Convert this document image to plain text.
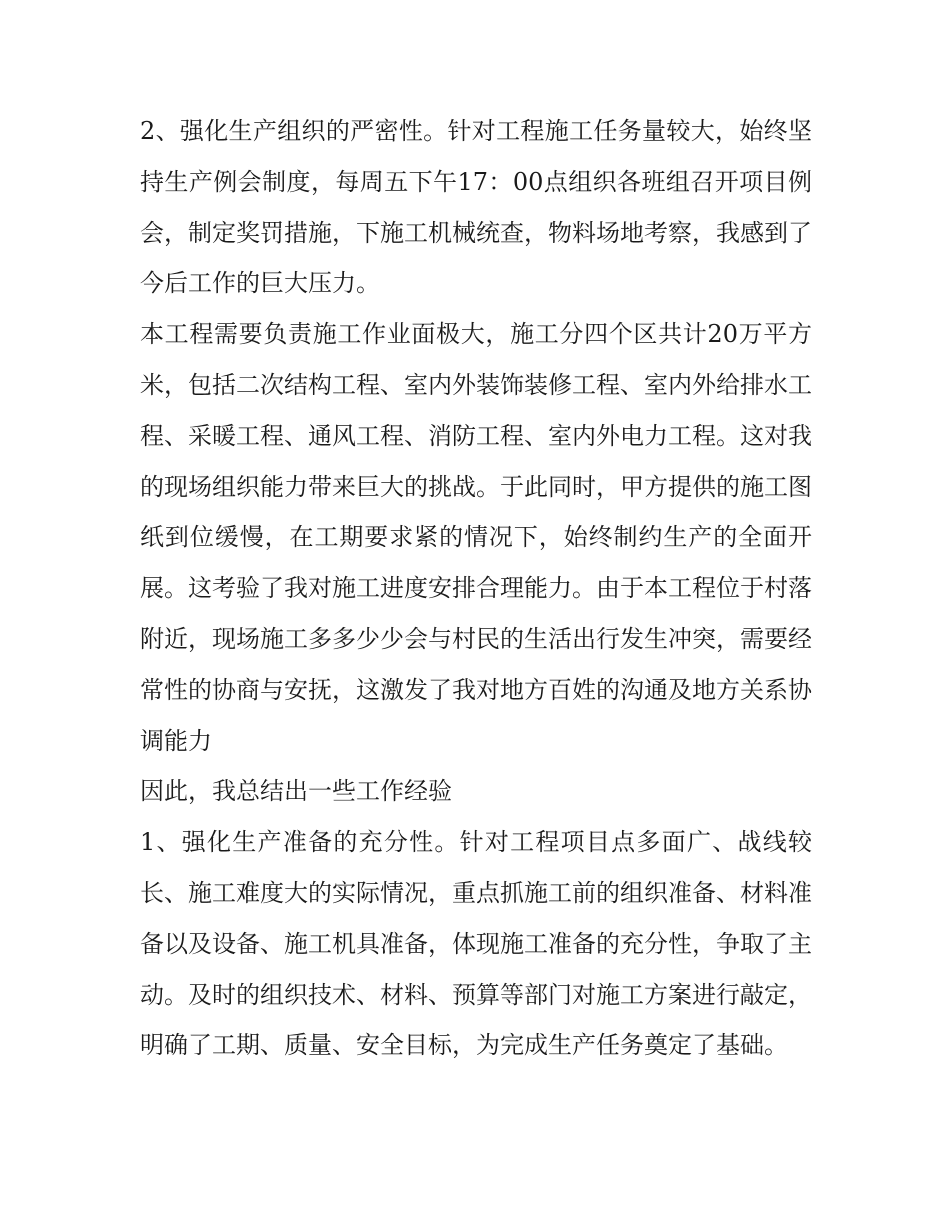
2、强化生产组织的严密性。针对工程施工任务量较大，始终坚持生产例会制度，每周五下午17：00点组织各班组召开项目例会，制定奖罚措施，下施工机械统查，物料场地考察，我感到了今后工作的巨大压力。

本工程需要负责施工作业面极大，施工分四个区共计20万平方米，包括二次结构工程、室内外装饰装修工程、室内外给排水工程、采暖工程、通风工程、消防工程、室内外电力工程。这对我的现场组织能力带来巨大的挑战。于此同时，甲方提供的施工图纸到位缓慢，在工期要求紧的情况下，始终制约生产的全面开展。这考验了我对施工进度安排合理能力。由于本工程位于村落附近，现场施工多多少少会与村民的生活出行发生冲突，需要经常性的协商与安抚，这激发了我对地方百姓的沟通及地方关系协调能力

因此，我总结出一些工作经验

1、强化生产准备的充分性。针对工程项目点多面广、战线较长、施工难度大的实际情况，重点抓施工前的组织准备、材料准备以及设备、施工机具准备，体现施工准备的充分性，争取了主动。及时的组织技术、材料、预算等部门对施工方案进行敲定，明确了工期、质量、安全目标，为完成生产任务奠定了基础。
